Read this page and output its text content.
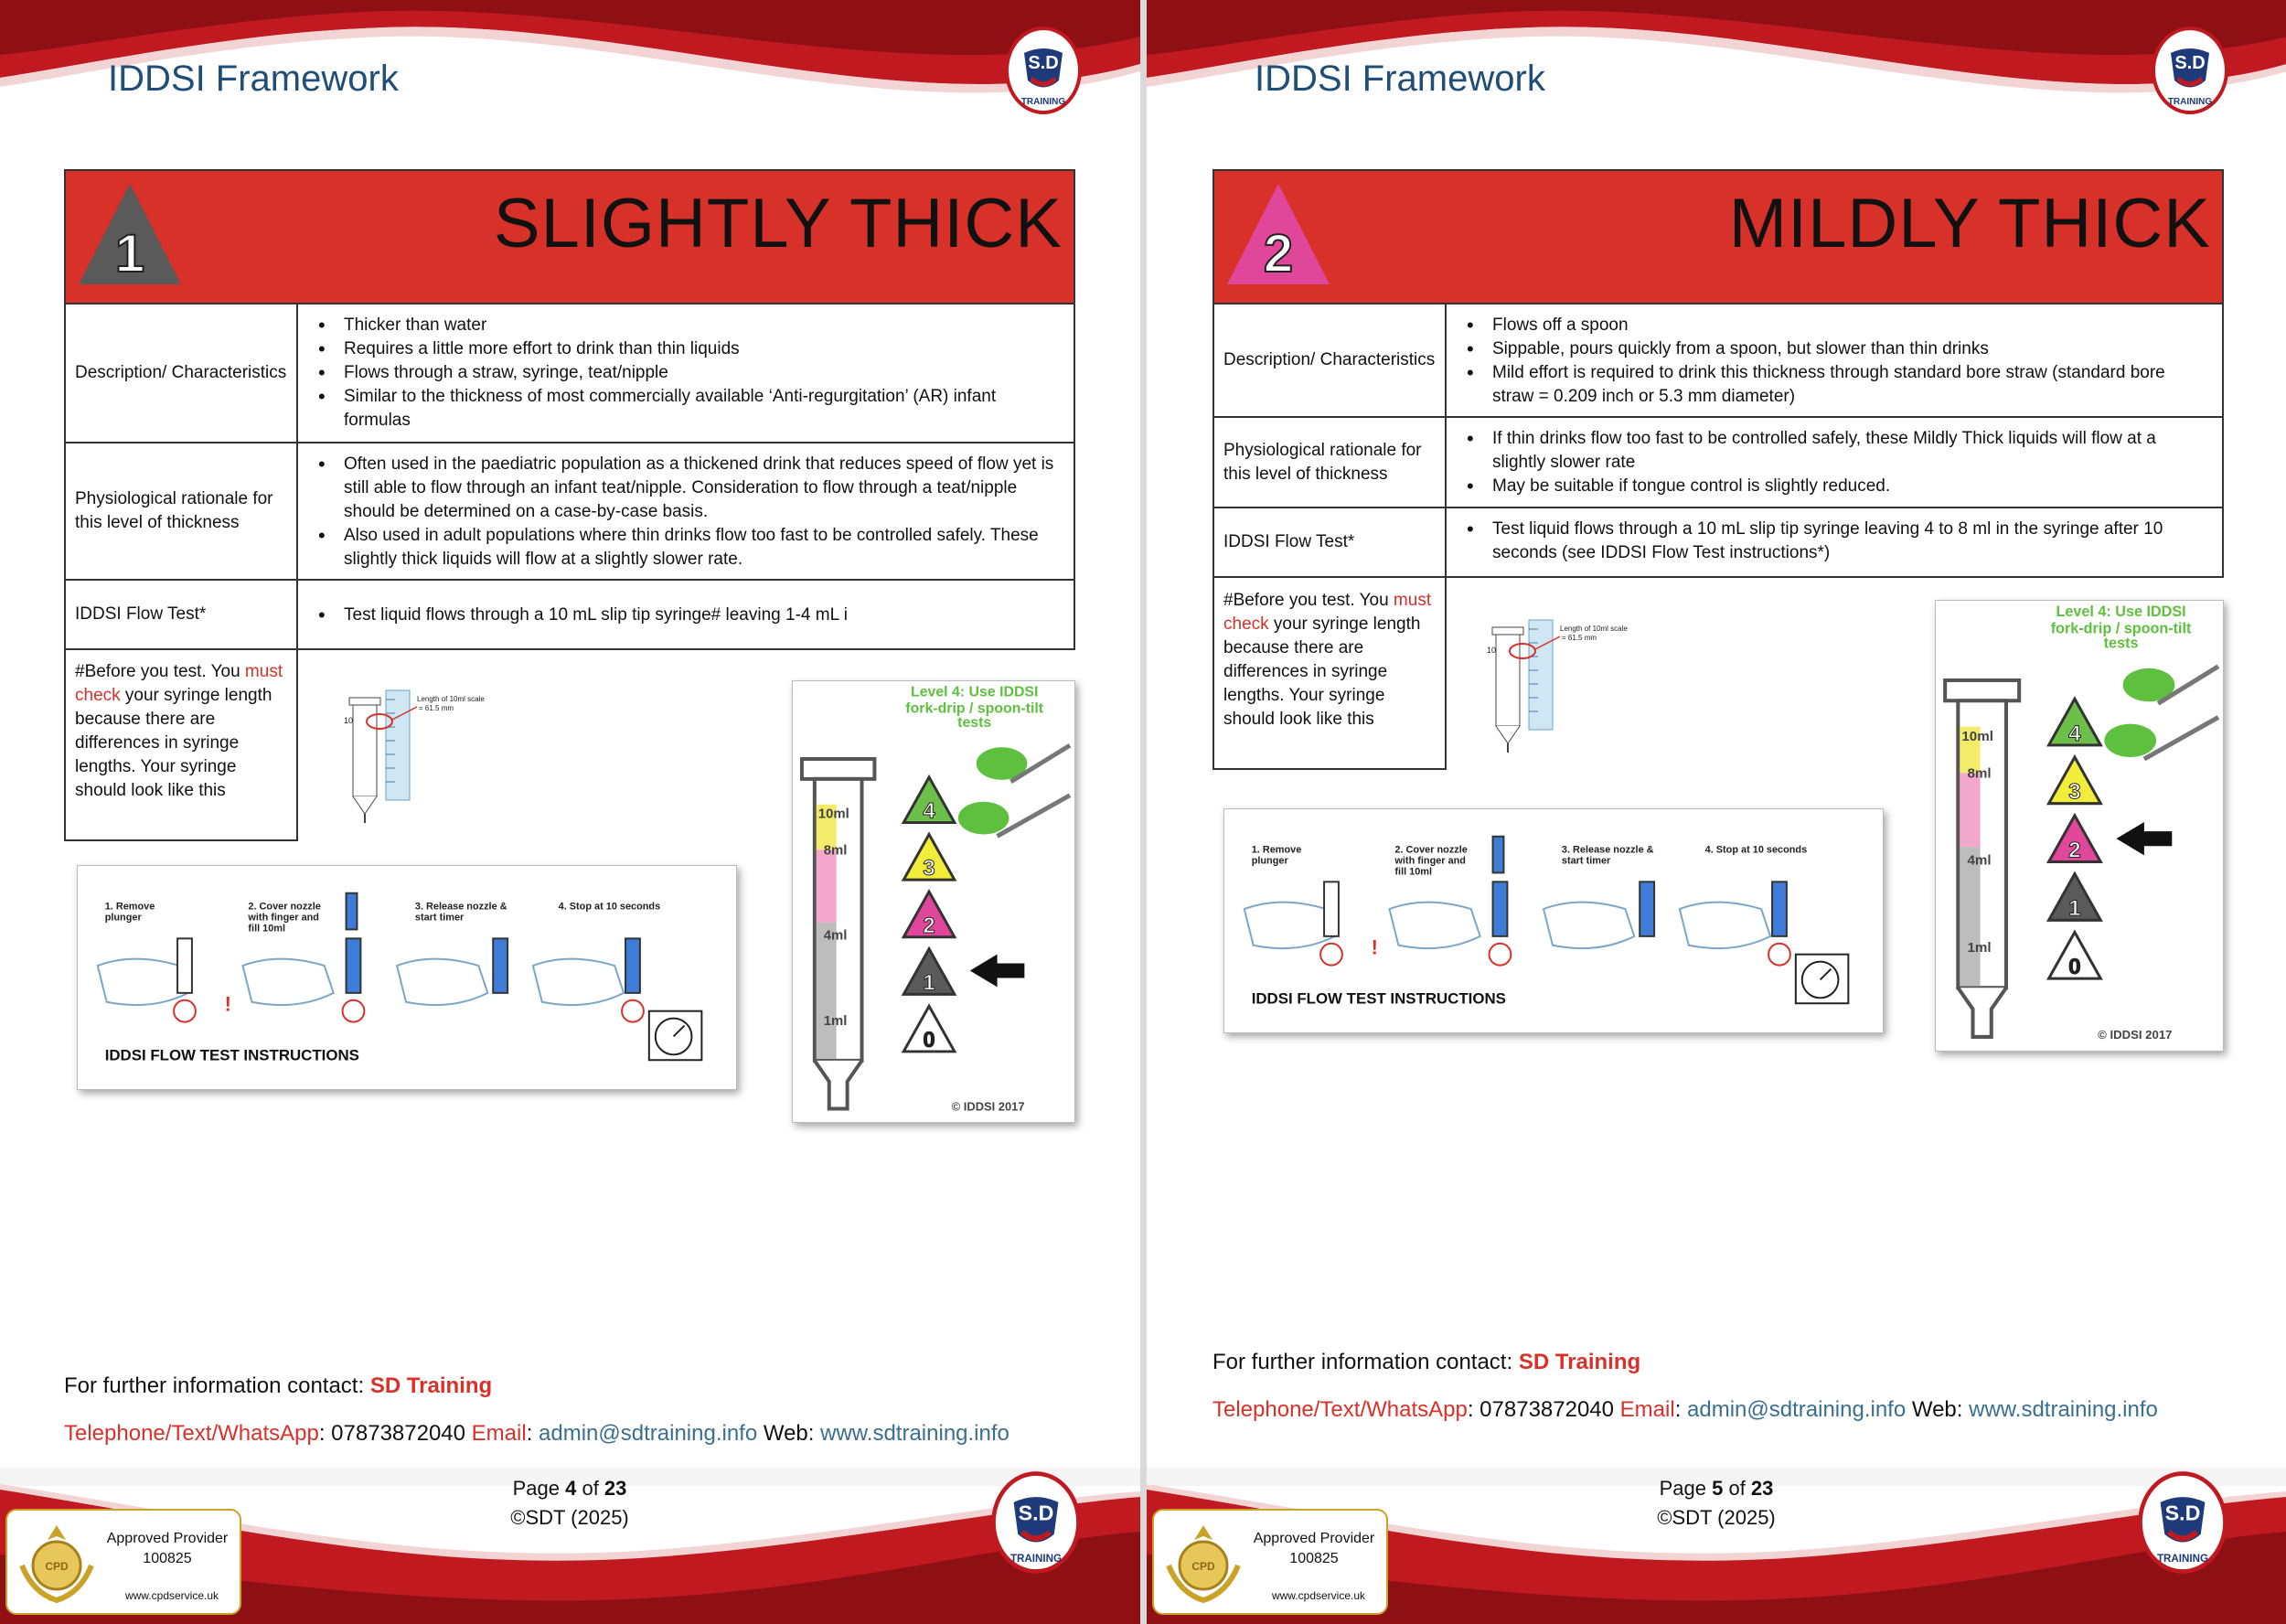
IDDSI Framework	S.D
TRAINING
1	SLIGHTLY THICK
Description/ Characteristics
• Thicker than water
• Requires a little more effort to drink than thin liquids
• Flows through a straw, syringe, teat/nipple
• Similar to the thickness of most commercially available ‘Anti-regurgitation’ (AR) infant formulas
Physiological rationale for this level of thickness
• Often used in the paediatric population as a thickened drink that reduces speed of flow yet is still able to flow through an infant teat/nipple. Consideration to flow through a teat/nipple should be determined on a case-by-case basis.
• Also used in adult populations where thin drinks flow too fast to be controlled safely. These slightly thick liquids will flow at a slightly slower rate.
IDDSI Flow Test*
•	Test liquid flows through a 10 mL slip tip syringe# leaving 1-4 mL i
#Before you test. You must check your syringe length because there are differences in syringe lengths. Your syringe should look like this
10
Length of 10ml scale
= 61.5 mm
1. Remove
plunger
2. Cover nozzle
with finger and
fill 10ml
3. Release nozzle &
start timer
4. Stop at 10 seconds
!
IDDSI FLOW TEST INSTRUCTIONS
Level 4: Use IDDSI
fork-drip / spoon-tilt
tests
10ml
8ml
4ml
1ml
4
3
2
1
0
© IDDSI 2017
For further information contact: SD Training
Telephone/Text/WhatsApp: 07873872040 Email: admin@sdtraining.info Web: www.sdtraining.info
Page 4 of 23
©SDT (2025)	S.D
TRAINING
CPD
Approved Provider
100825
www.cpdservice.uk
IDDSI Framework	S.D
TRAINING
2	MILDLY THICK
Description/ Characteristics
• Flows off a spoon
• Sippable, pours quickly from a spoon, but slower than thin drinks
• Mild effort is required to drink this thickness through standard bore straw (standard bore straw = 0.209 inch or 5.3 mm diameter)
Physiological rationale for this level of thickness
• If thin drinks flow too fast to be controlled safely, these Mildly Thick liquids will flow at a slightly slower rate
• May be suitable if tongue control is slightly reduced.
IDDSI Flow Test*
• Test liquid flows through a 10 mL slip tip syringe leaving 4 to 8 ml in the syringe after 10 seconds (see IDDSI Flow Test instructions*)
#Before you test. You must check your syringe length because there are differences in syringe lengths. Your syringe should look like this
10
Length of 10ml scale
= 61.5 mm
1. Remove
plunger
2. Cover nozzle
with finger and
fill 10ml
3. Release nozzle &
start timer
4. Stop at 10 seconds
!
IDDSI FLOW TEST INSTRUCTIONS
Level 4: Use IDDSI
fork-drip / spoon-tilt
tests
10ml
8ml
4ml
1ml
4
3
2
1
0
© IDDSI 2017
For further information contact: SD Training
Telephone/Text/WhatsApp: 07873872040 Email: admin@sdtraining.info Web: www.sdtraining.info
Page 5 of 23
©SDT (2025)	S.D
TRAINING
CPD
Approved Provider
100825
www.cpdservice.uk
